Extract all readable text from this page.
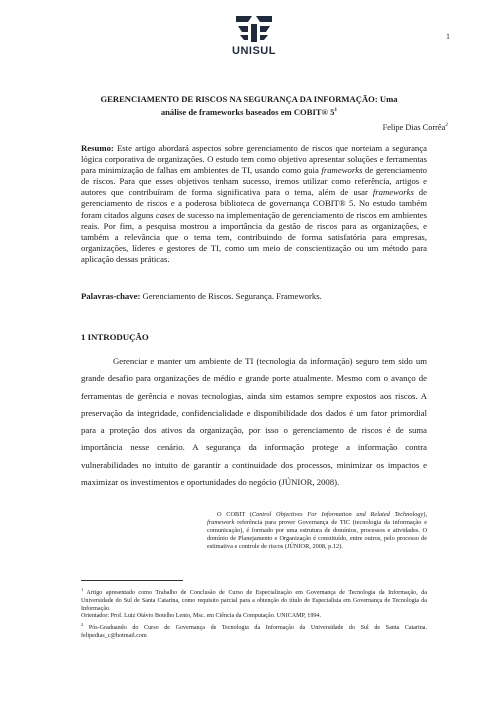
UNISUL
1
GERENCIAMENTO DE RISCOS NA SEGURANÇA DA INFORMAÇÃO: Uma
análise de frameworks baseados em COBIT® $5^1$
Felipe Dias Corrêa$^2$
Resumo: Este artigo abordará aspectos sobre gerenciamento de riscos que norteiam a segurança lógica corporativa de organizações. O estudo tem como objetivo apresentar soluções e ferramentas para minimização de falhas em ambientes de TI, usando como guia frameworks de gerenciamento de riscos. Para que esses objetivos tenham sucesso, iremos utilizar como referência, artigos e autores que contribuíram de forma significativa para o tema, além de usar frameworks de gerenciamento de riscos e a poderosa biblioteca de governança COBIT® 5. No estudo também foram citados alguns cases de sucesso na implementação de gerenciamento de riscos em ambientes reais. Por fim, a pesquisa mostrou a importância da gestão de riscos para as organizações, e também a relevância que o tema tem, contribuindo de forma satisfatória para empresas, organizações, líderes e gestores de TI, como um meio de conscientização ou um método para aplicação dessas práticas.
Palavras-chave: Gerenciamento de Riscos. Segurança. Frameworks.
1 INTRODUÇÃO
Gerenciar e manter um ambiente de TI (tecnologia da informação) seguro tem sido um grande desafio para organizações de médio e grande porte atualmente. Mesmo com o avanço de ferramentas de gerência e novas tecnologias, ainda sim estamos sempre expostos aos riscos. A preservação da integridade, confidencialidade e disponibilidade dos dados é um fator primordial para a proteção dos ativos da organização, por isso o gerenciamento de riscos é de suma importância nesse cenário. A segurança da informação protege a informação contra vulnerabilidades no intuito de garantir a continuidade dos processos, minimizar os impactos e maximizar os investimentos e oportunidades do negócio (JÚNIOR, 2008).
O COBIT (Control Objectives For Information and Related Technology), framework referência para prover Governança de TIC (tecnologia da informação e comunicação), é formado por uma estrutura de domínios, processos e atividades. O domínio de Planejamento e Organização é constituído, entre outros, pelo processo de estimativa e controle de riscos (JÚNIOR, 2008, p.12).

$^1$ Artigo apresentado como Trabalho de Conclusão de Curso de Especialização em Governança de Tecnologia da Informação, da Universidade do Sul de Santa Catarina, como requisito parcial para a obtenção do título de Especialista em Governança de Tecnologia da Informação.

Orientador: Prof. Luiz Otávio Botelho Lento, Msc. em Ciência da Computação. UNICAMP, 1994.

$^2$ Pós-Graduando do Curso de Governança de Tecnologia da Informação da Universidade do Sul de Santa Catarina. felipedias_c@hotmail.com
